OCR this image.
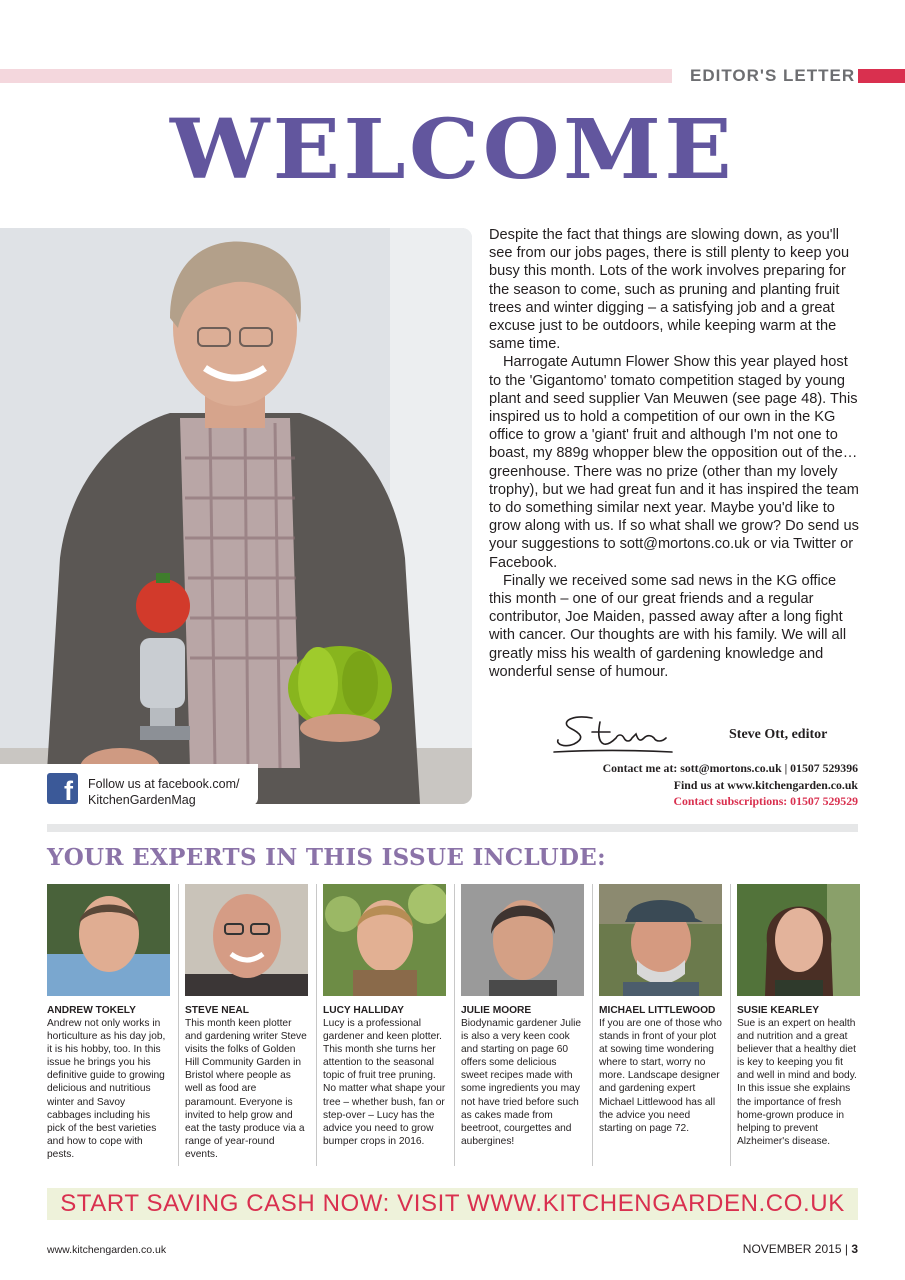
EDITOR'S LETTER
WELCOME
f	Follow us at facebook.com/
KitchenGardenMag

Despite the fact that things are slowing down, as you'll see from our jobs pages, there is still plenty to keep you busy this month. Lots of the work involves preparing for the season to come, such as pruning and planting fruit trees and winter digging – a satisfying job and a great excuse just to be outdoors, while keeping warm at the same time.

Harrogate Autumn Flower Show this year played host to the 'Gigantomo' tomato competition staged by young plant and seed supplier Van Meuwen (see page 48). This inspired us to hold a competition of our own in the KG office to grow a 'giant' fruit and although I'm not one to boast, my 889g whopper blew the opposition out of the… greenhouse. There was no prize (other than my lovely trophy), but we had great fun and it has inspired the team to do something similar next year. Maybe you'd like to grow along with us. If so what shall we grow? Do send us your suggestions to sott@mortons.co.uk or via Twitter or Facebook.

Finally we received some sad news in the KG office this month – one of our great friends and a regular contributor, Joe Maiden, passed away after a long fight with cancer. Our thoughts are with his family. We will all greatly miss his wealth of gardening knowledge and wonderful sense of humour.

Steve Ott, editor
Contact me at: sott@mortons.co.uk | 01507 529396
Find us at www.kitchengarden.co.uk
Contact subscriptions: 01507 529529
YOUR EXPERTS IN THIS ISSUE INCLUDE:
ANDREW TOKELY
Andrew not only works in horticulture as his day job, it is his hobby, too. In this issue he brings you his definitive guide to growing delicious and nutritious winter and Savoy cabbages including his pick of the best varieties and how to cope with pests.
STEVE NEAL
This month keen plotter and gardening writer Steve visits the folks of Golden Hill Community Garden in Bristol where people as well as food are paramount. Everyone is invited to help grow and eat the tasty produce via a range of year-round events.
LUCY HALLIDAY
Lucy is a professional gardener and keen plotter. This month she turns her attention to the seasonal topic of fruit tree pruning. No matter what shape your tree – whether bush, fan or step-over – Lucy has the advice you need to grow bumper crops in 2016.
JULIE MOORE
Biodynamic gardener Julie is also a very keen cook and starting on page 60 offers some delicious sweet recipes made with some ingredients you may not have tried before such as cakes made from beetroot, courgettes and aubergines!
MICHAEL LITTLEWOOD
If you are one of those who stands in front of your plot at sowing time wondering where to start, worry no more. Landscape designer and gardening expert Michael Littlewood has all the advice you need starting on page 72.
SUSIE KEARLEY
Sue is an expert on health and nutrition and a great believer that a healthy diet is key to keeping you fit and well in mind and body. In this issue she explains the importance of fresh home-grown produce in helping to prevent Alzheimer's disease.
START SAVING CASH NOW: VISIT WWW.KITCHENGARDEN.CO.UK
www.kitchengarden.co.uk	NOVEMBER 2015 | 3
